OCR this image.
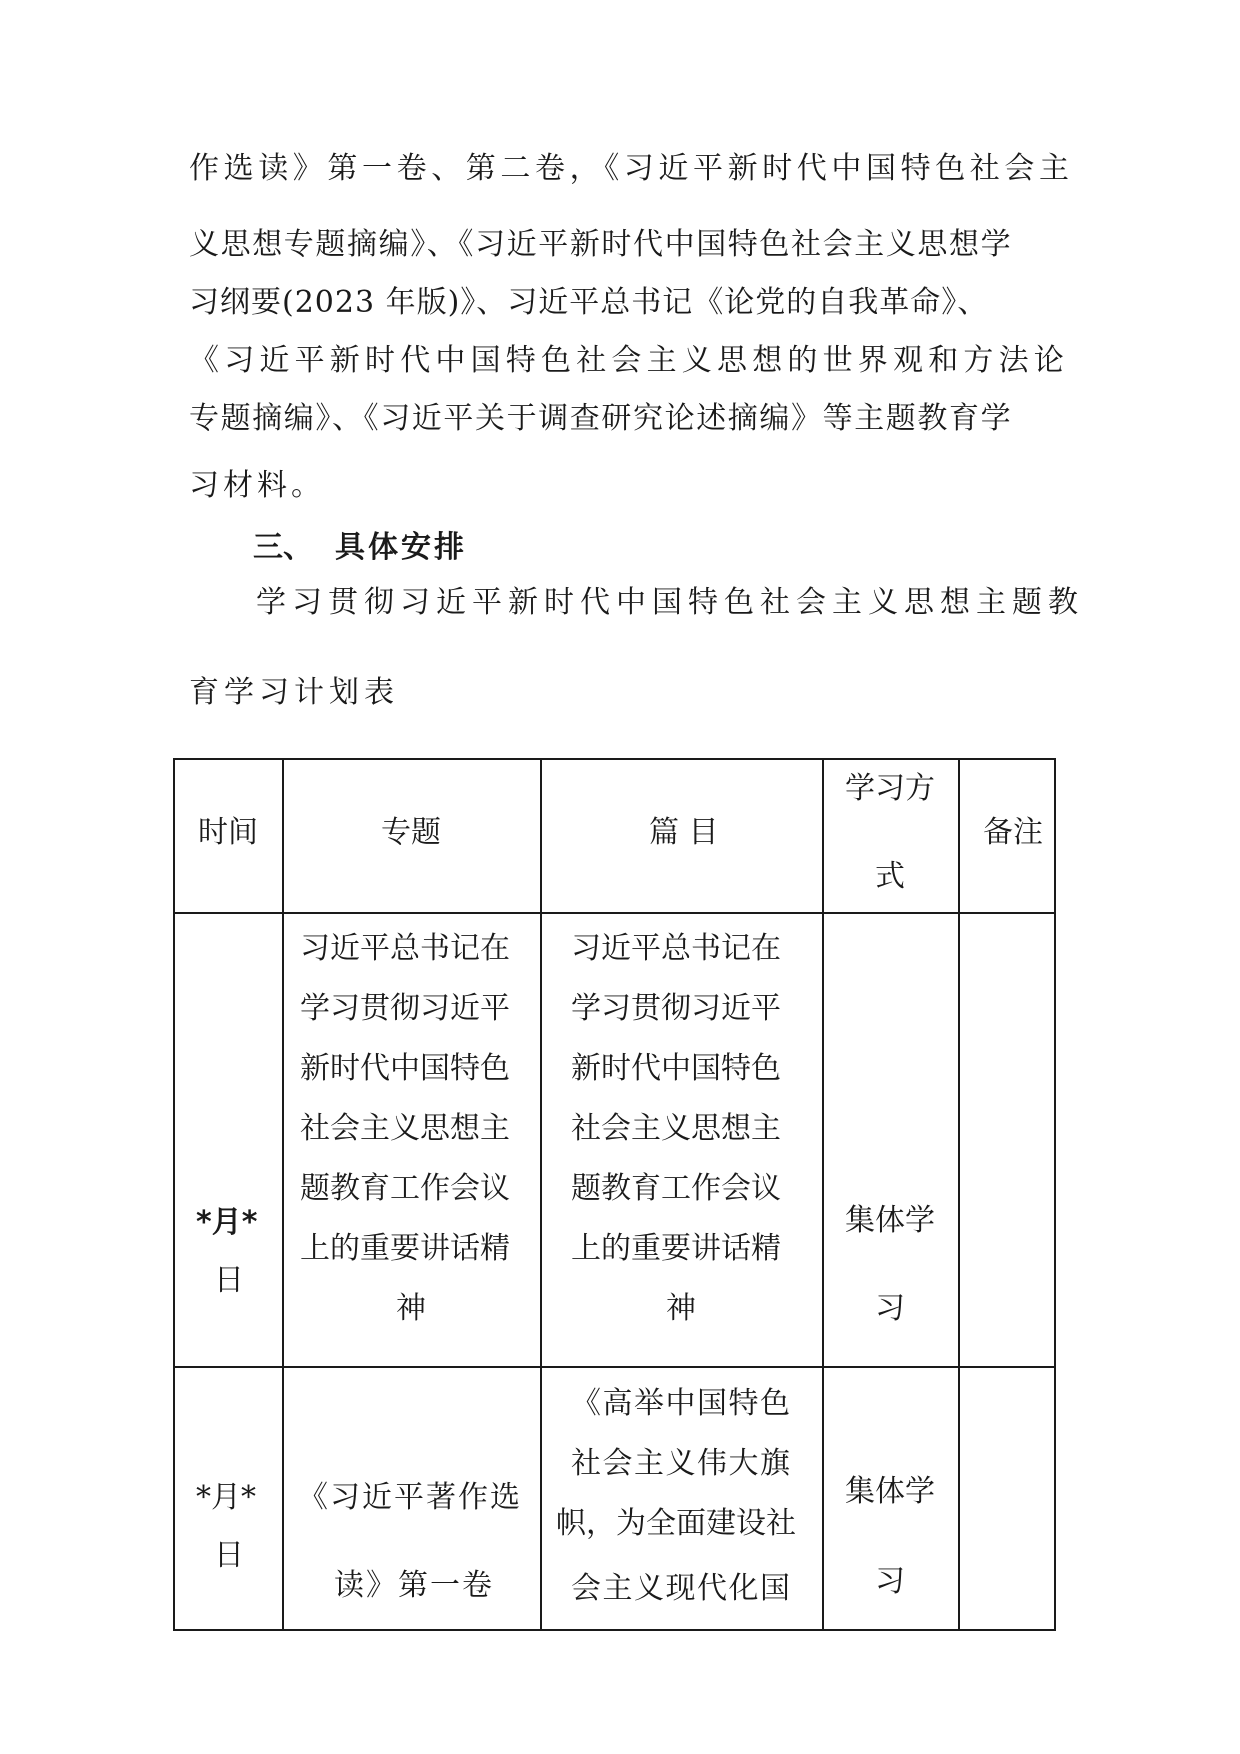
作选读》第一卷、第二卷，《习近平新时代中国特色社会主
义思想专题摘编》、《习近平新时代中国特色社会主义思想学
习纲要(2023 年版)》、习近平总书记《论党的自我革命》、
《习近平新时代中国特色社会主义思想的世界观和方法论
专题摘编》、《习近平关于调查研究论述摘编》等主题教育学
习材料。
三、 具体安排
学习贯彻习近平新时代中国特色社会主义思想主题教
育学习计划表
时间	专题	篇 目
学习方
式
备注
*月*
日
习近平总书记在
学习贯彻习近平
新时代中国特色
社会主义思想主
题教育工作会议
上的重要讲话精
神
习近平总书记在
学习贯彻习近平
新时代中国特色
社会主义思想主
题教育工作会议
上的重要讲话精
神
集体学
习
*月*
日
《习近平著作选
读》第一卷
《高举中国特色
社会主义伟大旗
帜，为全面建设社
会主义现代化国
集体学
习
